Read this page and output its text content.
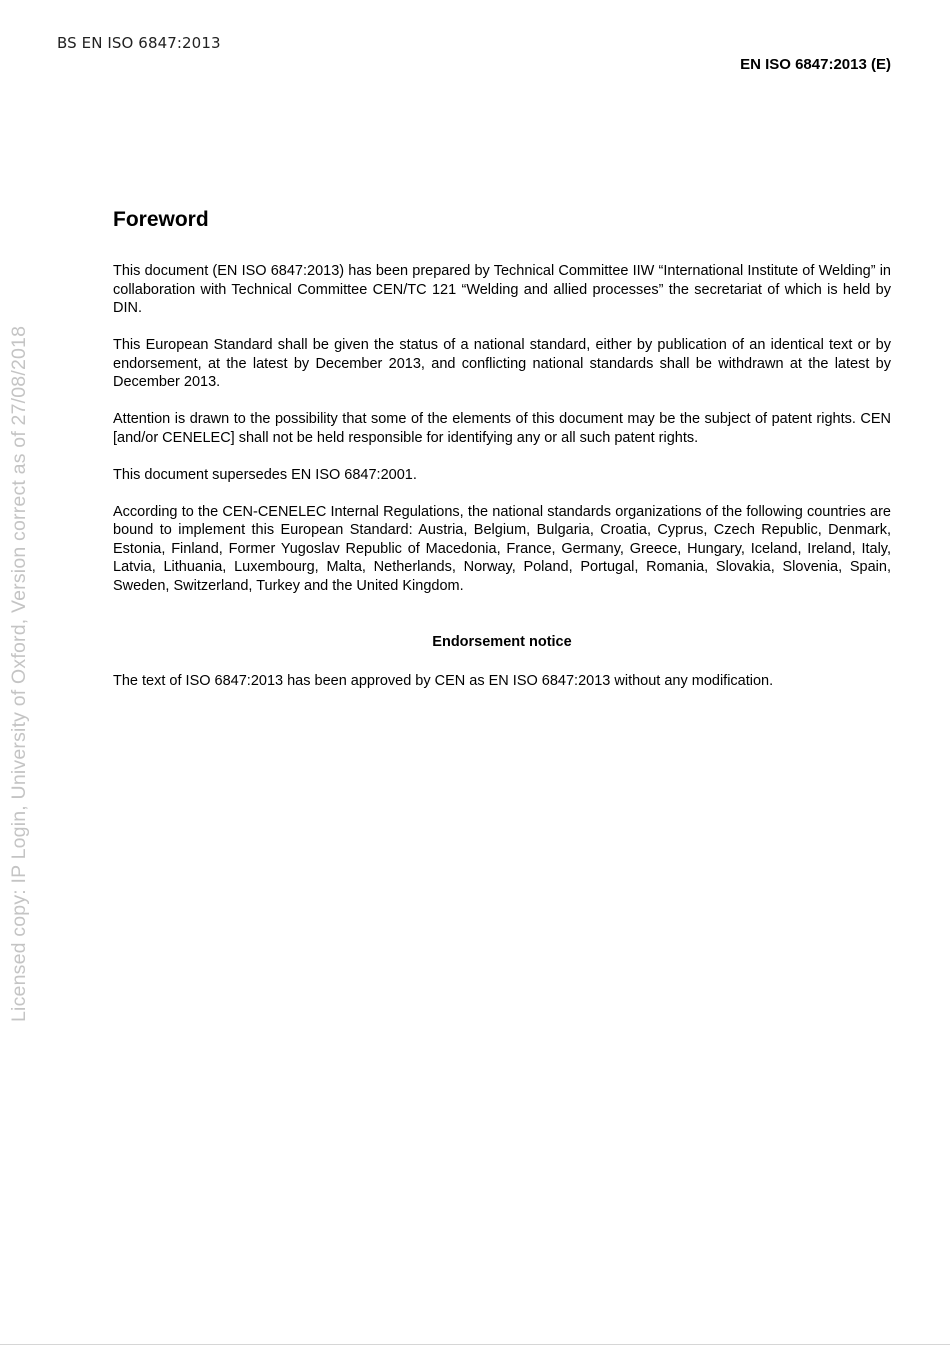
BS EN ISO 6847:2013
EN ISO 6847:2013 (E)
Licensed copy: IP Login, University of Oxford, Version correct as of 27/08/2018
Foreword

This document (EN ISO 6847:2013) has been prepared by Technical Committee IIW “International Institute of Welding” in collaboration with Technical Committee CEN/TC 121 “Welding and allied processes” the secretariat of which is held by DIN.

This European Standard shall be given the status of a national standard, either by publication of an identical text or by endorsement, at the latest by December 2013, and conflicting national standards shall be withdrawn at the latest by December 2013.

Attention is drawn to the possibility that some of the elements of this document may be the subject of patent rights. CEN [and/or CENELEC] shall not be held responsible for identifying any or all such patent rights.

This document supersedes EN ISO 6847:2001.

According to the CEN-CENELEC Internal Regulations, the national standards organizations of the following countries are bound to implement this European Standard: Austria, Belgium, Bulgaria, Croatia, Cyprus, Czech Republic, Denmark, Estonia, Finland, Former Yugoslav Republic of Macedonia, France, Germany, Greece, Hungary, Iceland, Ireland, Italy, Latvia, Lithuania, Luxembourg, Malta, Netherlands, Norway, Poland, Portugal, Romania, Slovakia, Slovenia, Spain, Sweden, Switzerland, Turkey and the United Kingdom.

Endorsement notice

The text of ISO 6847:2013 has been approved by CEN as EN ISO 6847:2013 without any modification.
